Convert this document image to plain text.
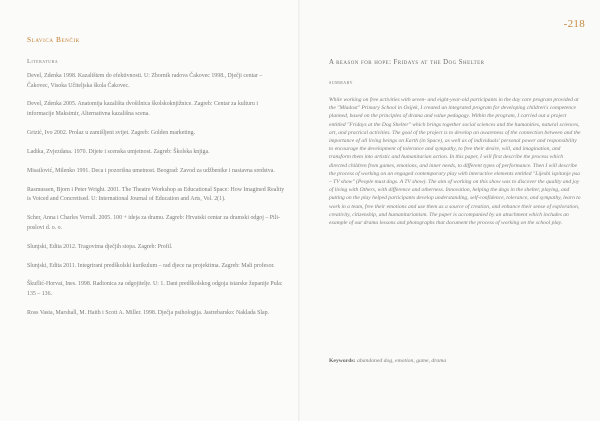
Slavica Benčik
Literatura
Devel, Zdenka 1998. Kazalištem do efektivnosti. U: Zbornik radova Čakovec 1998., Dječji centar – Čakovec, Visoka Učiteljska škola Čakovec.
Devel, Zdenka 2005. Anatomija kazališta dvošilnica školskoknjižnice. Zagreb: Centar za kulturu i informacije Maksimir, Alternativna kazališna scena.
Grizić, Ivo 2002. Prolaz u zamišljeni svijet. Zagreb: Golden marketing.
Ladika, Zvjezdana. 1970. Dijete i scenska umjetnost. Zagreb: Školska knjiga.
Misailović, Milenko 1991. Deca i pozorišna umetnost. Beograd: Zavod za udžbenike i nastavna sredstva.
Rasmussen, Bjorn i Peter Wright. 2001. The Theatre Workshop as Educational Space: How Imagined Reality is Voiced and Concretised. U: International Journal of Education and Arts, Vol. 2(1).
Scher, Anna i Charles Verrall. 2005. 100 + ideja za dramu. Zagreb: Hrvatski centar za dramski odgoj – Pili-poslovi d. o. o.
Slunjski, Edita 2012. Tragovima dječjih stopa. Zagreb: Profil.
Slunjski, Edita 2011. Integrirani predškolski kurikulum – rad djece na projektima. Zagreb: Mali profesor.
Škuflić-Horvat, Ines. 1998. Radionica za odgojitelje. U: 1. Dani predškolskog odgoja istarske županije Pula: 135 – 136.
Ross Vasta, Marshall, M. Haith i Scott A. Miller. 1998. Dječja psihologija. Jastrebarsko: Naklada Slap.
-218
A reason for hope: Fridays at the Dog Shelter
summary

While working on free activities with seven- and eight-year-old participants in the day care program provided at the "Mladost" Primary School in Osijek, I created an integrated program for developing children's competence planned, based on the principles of drama and value pedagogy. Within the program, I carried out a project entitled "Fridays at the Dog Shelter" which brings together social sciences and the humanities, natural sciences, art, and practical activities. The goal of the project is to develop an awareness of the connection between and the importance of all living beings on Earth (in Space), as well as of individuals' personal power and responsibility to encourage the development of tolerance and sympathy, to free their desire, will, and imagination, and transform them into artistic and humanitarian action. In this paper, I will first describe the process which directed children from games, emotions, and inner needs, to different types of performance. Then I will describe the process of working on an engaged contemporary play with interactive elements entitled "Lijeshi ispitanje psa – TV show" (People must dogs. A TV show). The aim of working on this show was to discover the quality and joy of living with Others, with difference and otherness. Innovation, helping the dogs in the shelter, playing, and putting on the play helped participants develop understanding, self-confidence, tolerance, and sympathy, learn to work in a team, free their emotions and use them as a source of creation, and enhance their sense of exploration, creativity, citizenship, and humanitarianism. The paper is accompanied by an attachment which includes an example of our drama lessons and photographs that document the process of working on the school play.

Keywords: abandoned dog, emotion, game, drama
